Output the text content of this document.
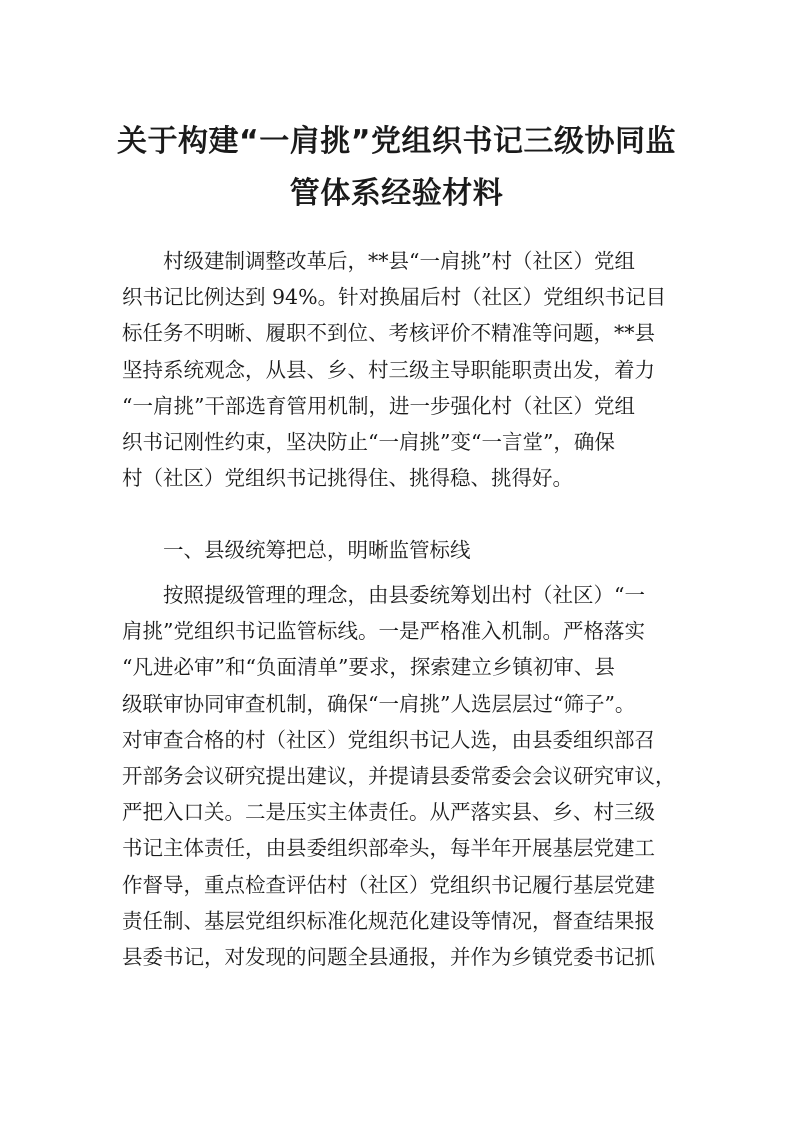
关于构建“一肩挑”党组织书记三级协同监
管体系经验材料
村级建制调整改革后，**县“一肩挑”村（社区）党组
织书记比例达到 94%。针对换届后村（社区）党组织书记目
标任务不明晰、履职不到位、考核评价不精准等问题，**县
坚持系统观念，从县、乡、村三级主导职能职责出发，着力
“一肩挑”干部选育管用机制，进一步强化村（社区）党组
织书记刚性约束，坚决防止“一肩挑”变“一言堂”，确保
村（社区）党组织书记挑得住、挑得稳、挑得好。
一、县级统筹把总，明晰监管标线
按照提级管理的理念，由县委统筹划出村（社区）“一
肩挑”党组织书记监管标线。一是严格准入机制。严格落实
“凡进必审”和“负面清单”要求，探索建立乡镇初审、县
级联审协同审查机制，确保“一肩挑”人选层层过“筛子”。
对审查合格的村（社区）党组织书记人选，由县委组织部召
开部务会议研究提出建议，并提请县委常委会会议研究审议，
严把入口关。二是压实主体责任。从严落实县、乡、村三级
书记主体责任，由县委组织部牵头，每半年开展基层党建工
作督导，重点检查评估村（社区）党组织书记履行基层党建
责任制、基层党组织标准化规范化建设等情况，督查结果报
县委书记，对发现的问题全县通报，并作为乡镇党委书记抓
